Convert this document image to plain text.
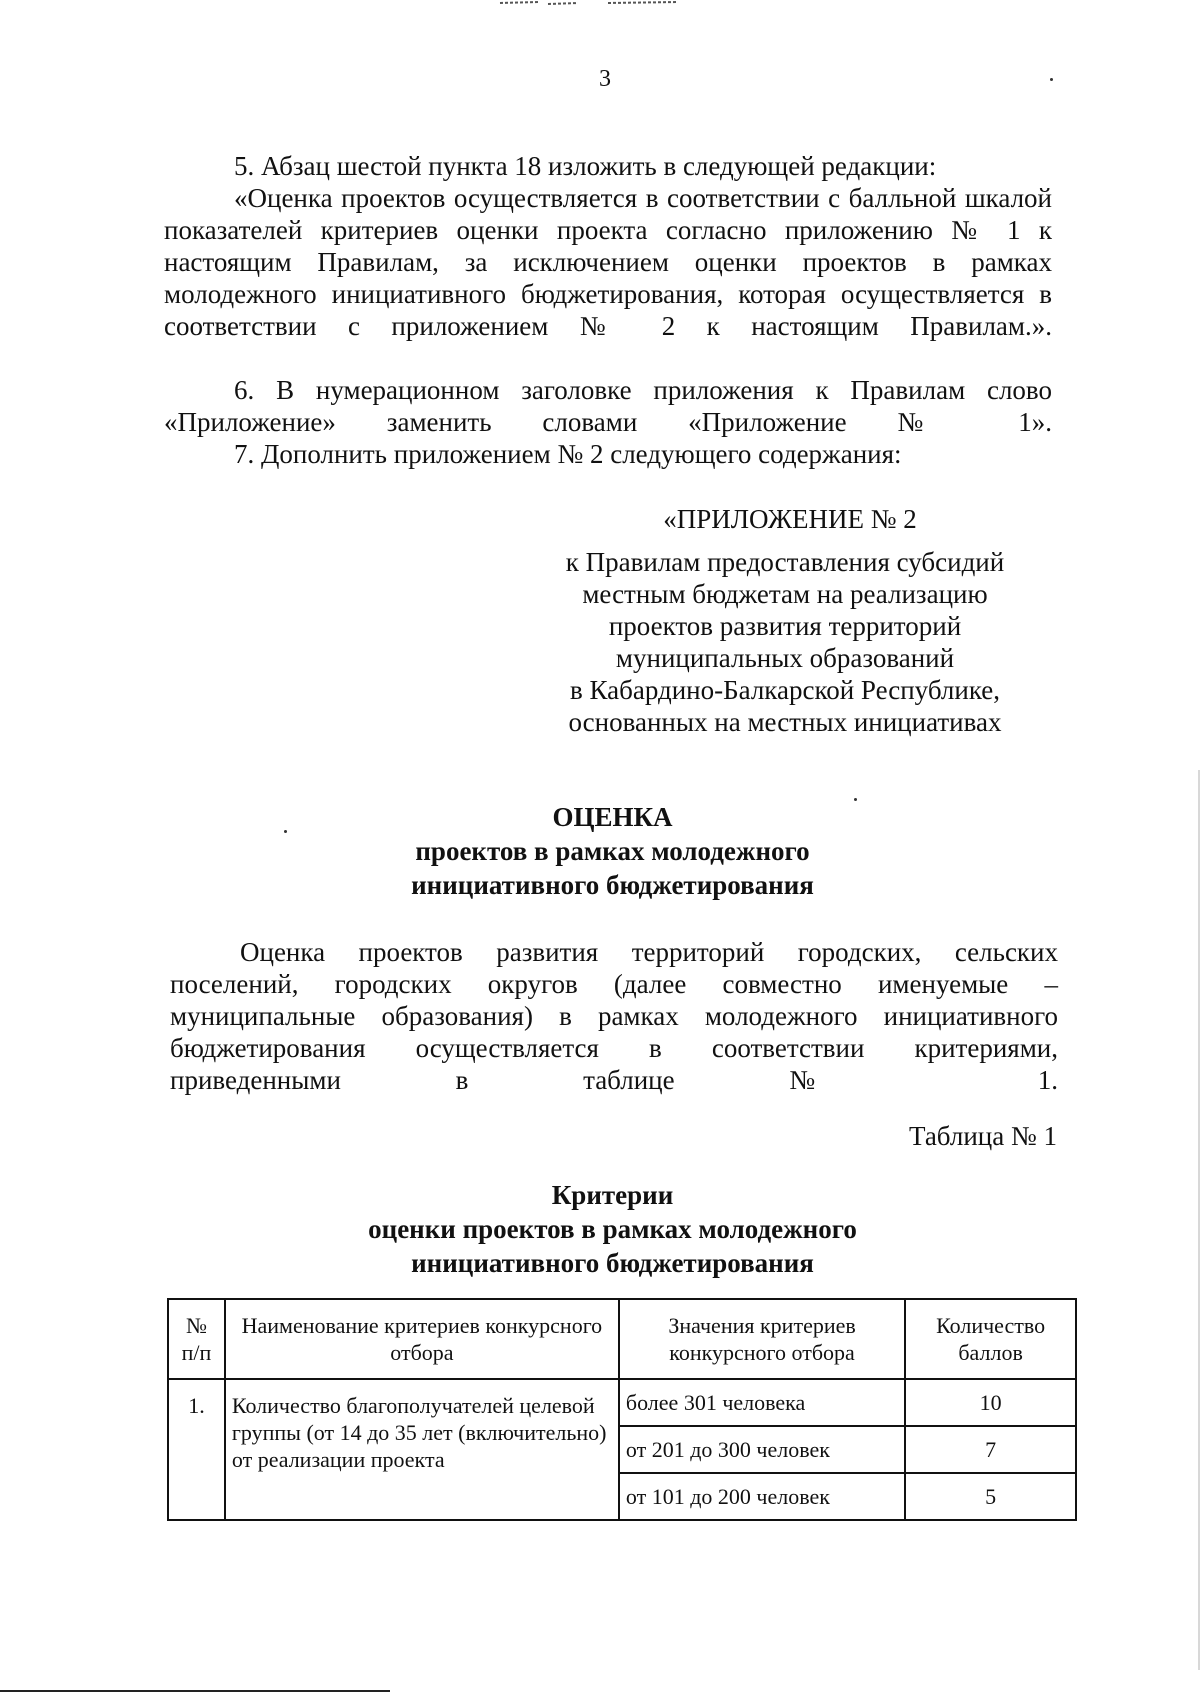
3
5. Абзац шестой пункта 18 изложить в следующей редакции:
«Оценка проектов осуществляется в соответствии с балльной шкалой показателей критериев оценки проекта согласно приложению № 1 к настоящим Правилам, за исключением оценки проектов в рамках молодежного инициативного бюджетирования, которая осуществляется в соответствии с приложением № 2 к настоящим Правилам.».
6. В нумерационном заголовке приложения к Правилам слово «Приложение» заменить словами «Приложение № 1».
7. Дополнить приложением № 2 следующего содержания:
«ПРИЛОЖЕНИЕ № 2
к Правилам предоставления субсидий
местным бюджетам на реализацию
проектов развития территорий
муниципальных образований
в Кабардино-Балкарской Республике,
основанных на местных инициативах
ОЦЕНКА
проектов в рамках молодежного
инициативного бюджетирования
Оценка проектов развития территорий городских, сельских поселений, городских округов (далее совместно именуемые – муниципальные образования) в рамках молодежного инициативного бюджетирования осуществляется в соответствии критериями, приведенными в таблице № 1.
Таблица № 1
Критерии
оценки проектов в рамках молодежного
инициативного бюджетирования
№ п/п	Наименование критериев конкурсного отбора	Значения критериев конкурсного отбора	Количество баллов
1.	Количество благополучателей целевой группы (от 14 до 35 лет (включительно) от реализации проекта	более 301 человека	10
		от 201 до 300 человек	7
		от 101 до 200 человек	5
